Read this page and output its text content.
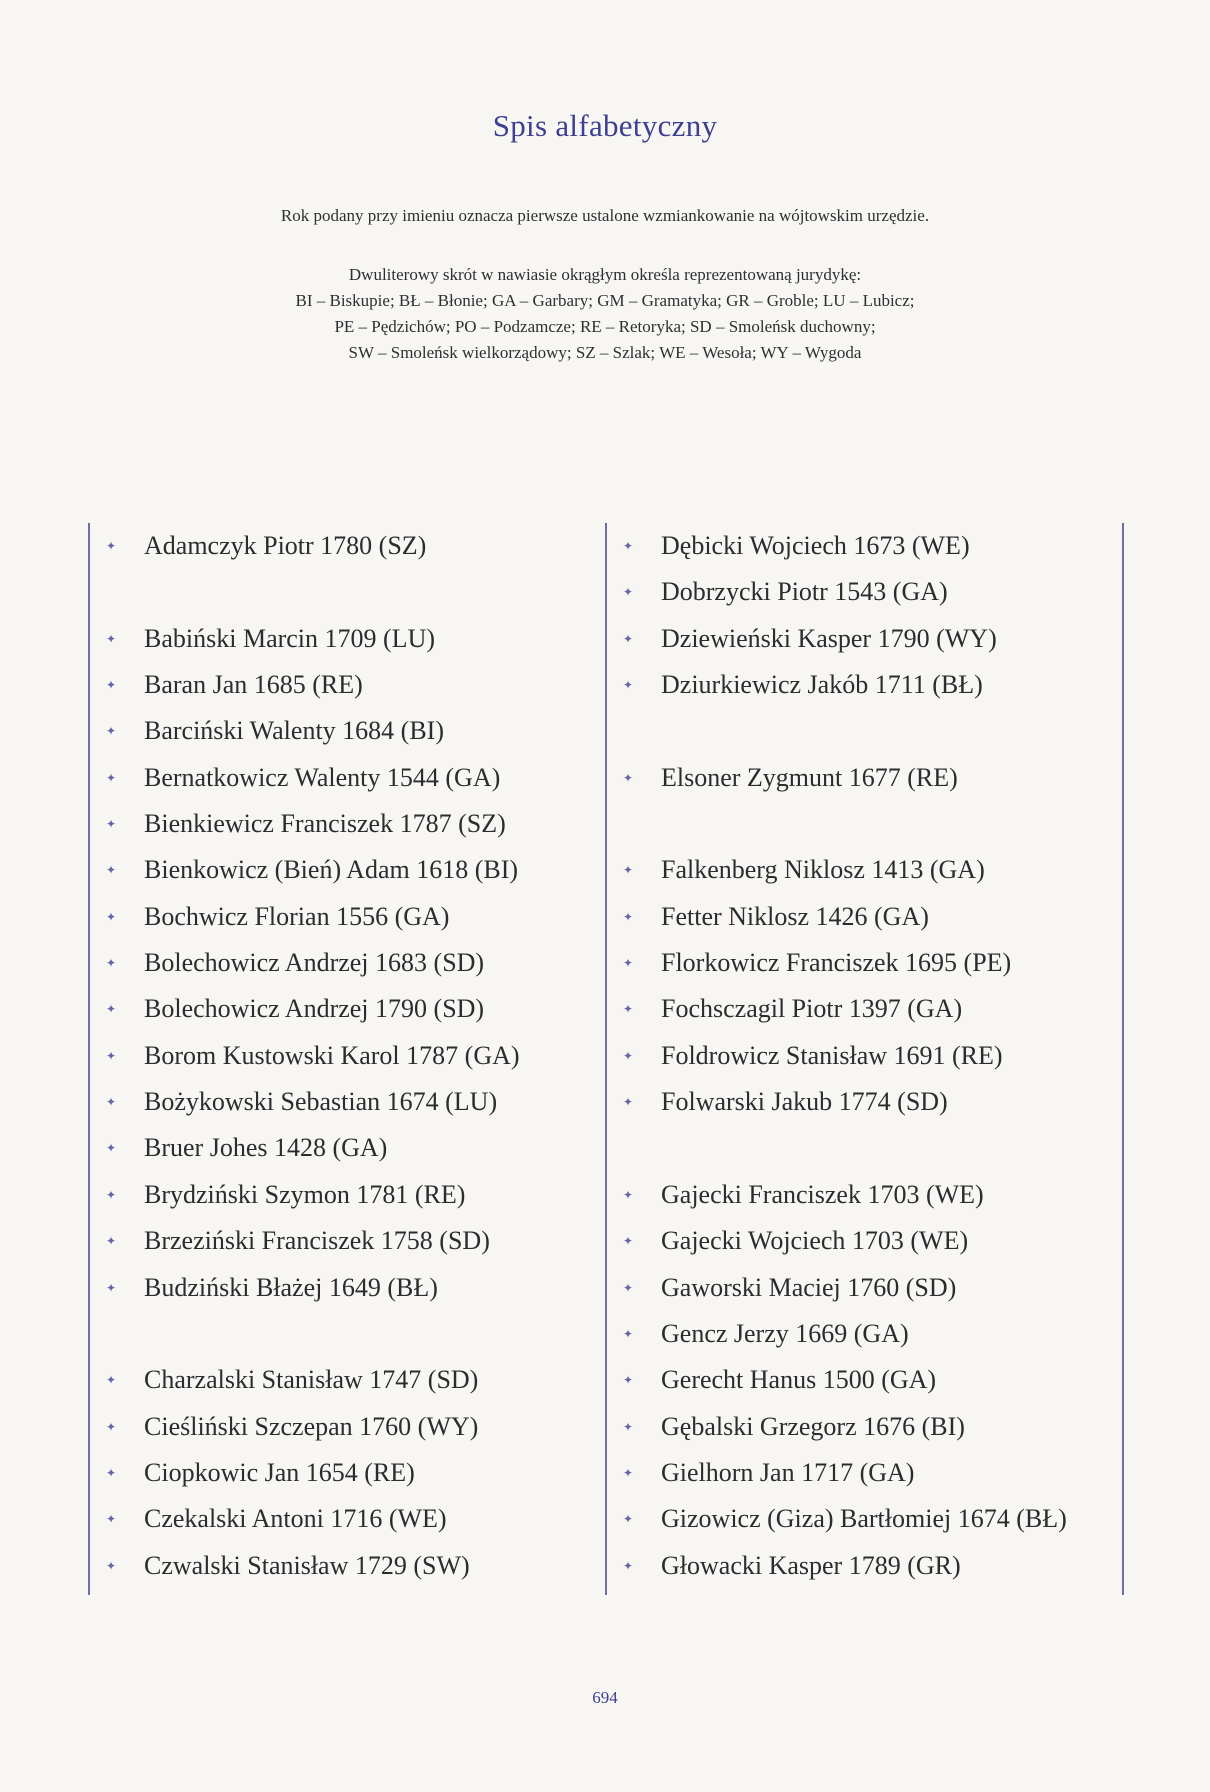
Spis alfabetyczny
Rok podany przy imieniu oznacza pierwsze ustalone wzmiankowanie na wójtowskim urzędzie.
Dwuliterowy skrót w nawiasie okrągłym określa reprezentowaną jurydykę:
BI – Biskupie; BŁ – Błonie; GA – Garbary; GM – Gramatyka; GR – Groble; LU – Lubicz;
PE – Pędzichów; PO – Podzamcze; RE – Retoryka; SD – Smoleńsk duchowny;
SW – Smoleńsk wielkorządowy; SZ – Szlak; WE – Wesoła; WY – Wygoda
✦ Adamczyk Piotr 1780 (SZ)
✦ Babiński Marcin 1709 (LU)
✦ Baran Jan 1685 (RE)
✦ Barciński Walenty 1684 (BI)
✦ Bernatkowicz Walenty 1544 (GA)
✦ Bienkiewicz Franciszek 1787 (SZ)
✦ Bienkowicz (Bień) Adam 1618 (BI)
✦ Bochwicz Florian 1556 (GA)
✦ Bolechowicz Andrzej 1683 (SD)
✦ Bolechowicz Andrzej 1790 (SD)
✦ Borom Kustowski Karol 1787 (GA)
✦ Bożykowski Sebastian 1674 (LU)
✦ Bruer Johes 1428 (GA)
✦ Brydziński Szymon 1781 (RE)
✦ Brzeziński Franciszek 1758 (SD)
✦ Budziński Błażej 1649 (BŁ)
✦ Charzalski Stanisław 1747 (SD)
✦ Cieśliński Szczepan 1760 (WY)
✦ Ciopkowic Jan 1654 (RE)
✦ Czekalski Antoni 1716 (WE)
✦ Czwalski Stanisław 1729 (SW)
✦ Dębicki Wojciech 1673 (WE)
✦ Dobrzycki Piotr 1543 (GA)
✦ Dziewieński Kasper 1790 (WY)
✦ Dziurkiewicz Jakób 1711 (BŁ)
✦ Elsoner Zygmunt 1677 (RE)
✦ Falkenberg Niklosz 1413 (GA)
✦ Fetter Niklosz 1426 (GA)
✦ Florkowicz Franciszek 1695 (PE)
✦ Fochsczagil Piotr 1397 (GA)
✦ Foldrowicz Stanisław 1691 (RE)
✦ Folwarski Jakub 1774 (SD)
✦ Gajecki Franciszek 1703 (WE)
✦ Gajecki Wojciech 1703 (WE)
✦ Gaworski Maciej 1760 (SD)
✦ Gencz Jerzy 1669 (GA)
✦ Gerecht Hanus 1500 (GA)
✦ Gębalski Grzegorz 1676 (BI)
✦ Gielhorn Jan 1717 (GA)
✦ Gizowicz (Giza) Bartłomiej 1674 (BŁ)
✦ Głowacki Kasper 1789 (GR)
694
